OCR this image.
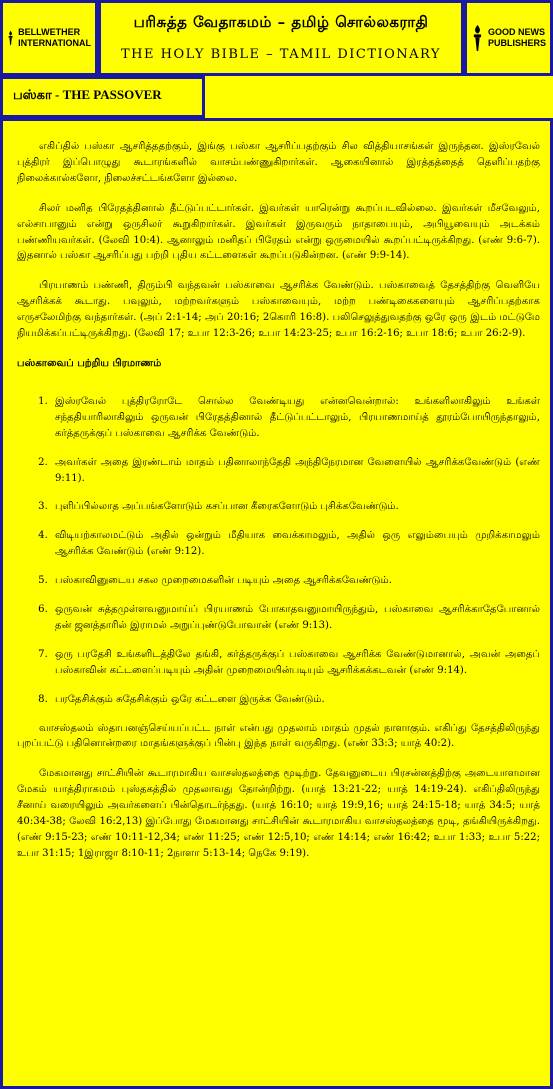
BELLWETHER
INTERNATIONAL
பரிசுத்த வேதாகமம் – தமிழ் சொல்லகராதி
THE HOLY BIBLE – TAMIL DICTIONARY
GOOD NEWS
PUBLISHERS
பஸ்கா - THE PASSOVER

எகிப்தில் பஸ்கா ஆசரித்ததற்கும், இங்கு பஸ்கா ஆசரிப்பதற்கும் சில வித்தியாசங்கள் இருந்தன. இஸ்ரவேல் புத்திரர் இப்பொழுது கூடாரங்களில் வாசம்பண்ணுகிறார்கள். ஆகையினால் இரத்தத்தைத் தெளிப்பதற்கு நிலைக்கால்களோ, நிலைச்சட்டங்களோ இல்லை.

சிலர் மனித பிரேதத்தினால் தீட்டுப்பட்டார்கள். இவர்கள் யாரென்று கூறப்படவில்லை. இவர்கள் மீசவேலும், எல்சாபானும் என்று ஒருசிலர் கூறுகிறார்கள். இவர்கள் இருவரும் நாதாபையும், அபியூவையும் அடக்கம் பண்ணியவர்கள். (லேவி 10:4). ஆனாலும் மனிதப் பிரேதம் என்று ஒருமையில் கூறப்பட்டிருக்கிறது. (எண் 9:6-7). இதனால் பஸ்கா ஆசரிப்பது பற்றி புதிய கட்டளைகள் கூறப்படுகின்றன. (எண் 9:9-14).

பிரயாணம் பண்ணி, திரும்பி வந்தவன் பஸ்காவை ஆசரிக்க வேண்டும். பஸ்காவைத் தேசத்திற்கு வெளியே ஆசரிக்கக் கூடாது. பவுலும், மற்றவர்களும் பஸ்காவையும், மற்ற பண்டிகைகளையும் ஆசரிப்பதற்காக எருசலேமிற்கு வந்தார்கள். (அப் 2:1-14; அப் 20:16; 2கொரி 16:8). பலிசெலுத்துவதற்கு ஒரே ஒரு இடம் மட்டுமே நியமிக்கப்பட்டிருக்கிறது. (லேவி 17; உபா 12:3-26; உபா 14:23-25; உபா 16:2-16; உபா 18:6; உபா 26:2-9).

பஸ்காவைப் பற்றிய பிரமாணம்
1. இஸ்ரவேல் புத்திரரோடே சொல்ல வேண்டியது என்னவென்றால்: உங்களிலாகிலும் உங்கள் சந்ததியாரிலாகிலும் ஒருவன் பிரேதத்தினால் தீட்டுப்பட்டாலும், பிரயாணமாய்த் தூரம்போயிருந்தாலும், கர்த்தருக்குப் பஸ்காவை ஆசரிக்க வேண்டும்.
2. அவர்கள் அதை இரண்டாம் மாதம் பதினாலாந்தேதி அந்திநேரமான வேளையில் ஆசரிக்கவேண்டும் (எண் 9:11).
3. புளிப்பில்லாத அப்பங்களோடும் கசப்பான கீரைகளோடும் புசிக்கவேண்டும்.
4. விடியற்காலமட்டும் அதில் ஒன்றும் மீதியாக வைக்காமலும், அதில் ஒரு எலும்பையும் முறிக்காமலும் ஆசரிக்க வேண்டும் (எண் 9:12).
5. பஸ்காவினுடைய சகல முறைமைகளின் படியும் அதை ஆசரிக்கவேண்டும்.
6. ஒருவன் சுத்தமுள்ளவனுமாய்ப் பிரயாணம் போகாதவனுமாயிருந்தும், பஸ்காவை ஆசரிக்காதேபோனால் தன் ஜனத்தாரில் இராமல் அறுப்புண்டுபோவான் (எண் 9:13).
7. ஒரு பரதேசி உங்களிடத்திலே தங்கி, கர்த்தருக்குப் பஸ்காவை ஆசரிக்க வேண்டுமானால், அவன் அதைப் பஸ்காவின் கட்டளைப்படியும் அதின் முறைமையின்படியும் ஆசரிக்கக்கடவன் (எண் 9:14).
8. பரதேசிக்கும் சுதேசிக்கும் ஒரே கட்டளை இருக்க வேண்டும்.

வாசஸ்தலம் ஸ்தாபனஞ்செய்யப்பட்ட நாள் என்பது முதலாம் மாதம் முதல் நாளாகும். எகிப்து தேசத்திலிருந்து புறப்பட்டு பதினொன்றரை மாதங்களுக்குப் பின்பு இந்த நாள் வருகிறது. (எண் 33:3; யாத் 40:2).

மேகமானது சாட்சியின் கூடாரமாகிய வாசஸ்தலத்தை மூடிற்று. தேவனுடைய பிரசன்னத்திற்கு அடையாளமான மேகம் யாத்திராகமம் புஸ்தகத்தில் முதலாவது தோன்றிற்று. (யாத் 13:21-22; யாத் 14:19-24). எகிப்திலிருந்து சீனாய் வரையிலும் அவர்களைப் பின்தொடர்ந்தது. (யாத் 16:10; யாத் 19:9,16; யாத் 24:15-18; யாத் 34:5; யாத் 40:34-38; லேவி 16:2,13) இப்போது மேகமானது சாட்சியின் கூடாரமாகிய வாசஸ்தலத்தை மூடி, தங்கியிருக்கிறது. (எண் 9:15-23; எண் 10:11-12,34; எண் 11:25; எண் 12:5,10; எண் 14:14; எண் 16:42; உபா 1:33; உபா 5:22; உபா 31:15; 1இராஜா 8:10-11; 2நாளா 5:13-14; நெகே 9:19).
